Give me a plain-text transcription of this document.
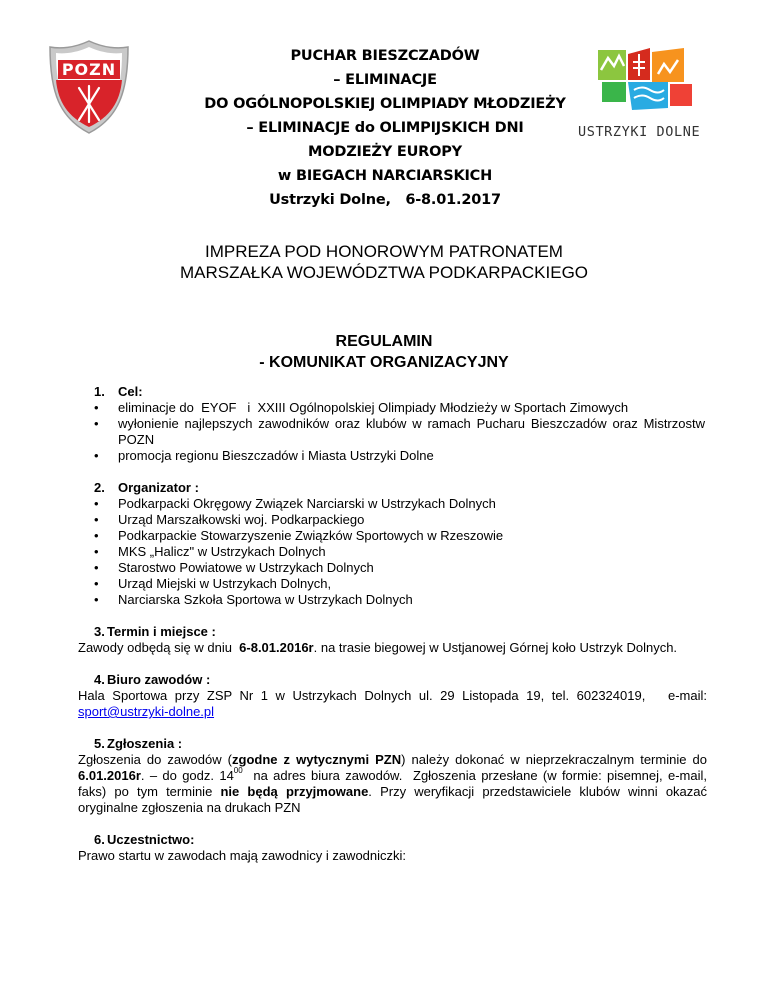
POZN
USTRZYKI DOLNE
PUCHAR BIESZCZADÓW
– ELIMINACJE
DO OGÓLNOPOLSKIEJ OLIMPIADY MŁODZIEŻY
– ELIMINACJE do OLIMPIJSKICH DNI
MODZIEŻY EUROPY
w BIEGACH NARCIARSKICH
Ustrzyki Dolne,   6-8.01.2017
IMPREZA POD HONOROWYM PATRONATEM
MARSZAŁKA WOJEWÓDZTWA PODKARPACKIEGO
REGULAMIN
- KOMUNIKAT ORGANIZACYJNY
1. Cel:
• eliminacje do  EYOF   i  XXIII Ogólnopolskiej Olimpiady Młodzieży w Sportach Zimowych
• wyłonienie najlepszych zawodników oraz klubów w ramach Pucharu Bieszczadów oraz Mistrzostw POZN
• promocja regionu Bieszczadów i Miasta Ustrzyki Dolne
2. Organizator :
• Podkarpacki Okręgowy Związek Narciarski w Ustrzykach Dolnych
• Urząd Marszałkowski woj. Podkarpackiego
• Podkarpackie Stowarzyszenie Związków Sportowych w Rzeszowie
• MKS „Halicz" w Ustrzykach Dolnych
• Starostwo Powiatowe w Ustrzykach Dolnych
• Urząd Miejski w Ustrzykach Dolnych,
• Narciarska Szkoła Sportowa w Ustrzykach Dolnych
3. Termin i miejsce :
Zawody odbędą się w dniu  6-8.01.2016r. na trasie biegowej w Ustjanowej Górnej koło Ustrzyk Dolnych.
4. Biuro zawodów :
Hala Sportowa przy ZSP Nr 1 w Ustrzykach Dolnych ul. 29 Listopada 19, tel. 602324019,   e-mail:
sport@ustrzyki-dolne.pl
5. Zgłoszenia :
Zgłoszenia do zawodów (zgodne z wytycznymi PZN) należy dokonać w nieprzekraczalnym terminie do 6.01.2016r. – do godz. $14^{00}$  na adres biura zawodów.  Zgłoszenia przesłane (w formie: pisemnej, e-mail, faks) po tym terminie nie będą przyjmowane. Przy weryfikacji przedstawiciele klubów winni okazać oryginalne zgłoszenia na drukach PZN
6. Uczestnictwo:
Prawo startu w zawodach mają zawodnicy i zawodniczki:
